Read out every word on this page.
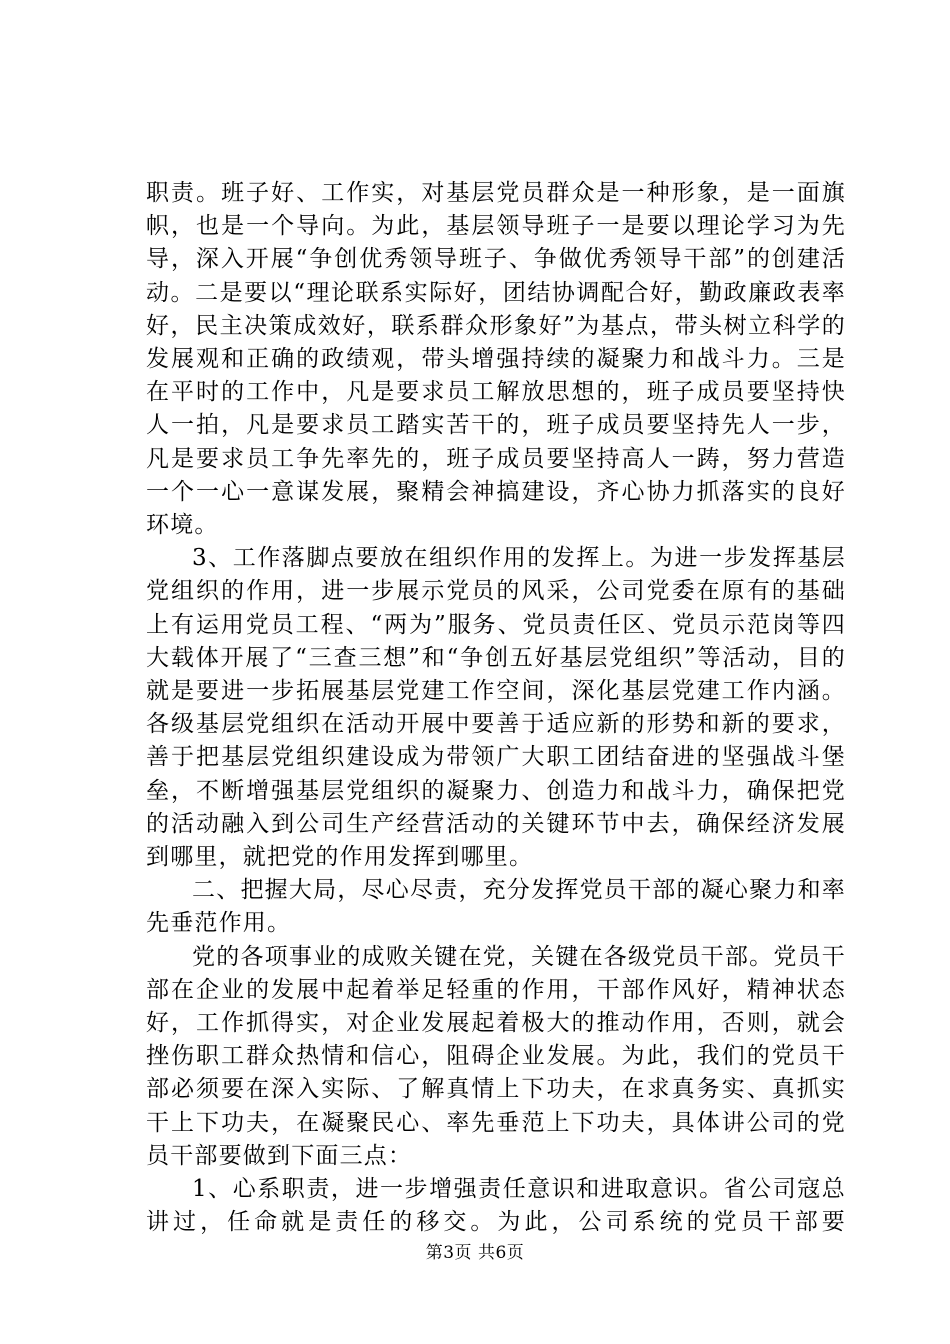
职责。班子好、工作实，对基层党员群众是一种形象，是一面旗帜，也是一个导向。为此，基层领导班子一是要以理论学习为先导，深入开展“争创优秀领导班子、争做优秀领导干部”的创建活动。二是要以“理论联系实际好，团结协调配合好，勤政廉政表率好，民主决策成效好，联系群众形象好”为基点，带头树立科学的发展观和正确的政绩观，带头增强持续的凝聚力和战斗力。三是在平时的工作中，凡是要求员工解放思想的，班子成员要坚持快人一拍，凡是要求员工踏实苦干的，班子成员要坚持先人一步，凡是要求员工争先率先的，班子成员要坚持高人一踌，努力营造一个一心一意谋发展，聚精会神搞建设，齐心协力抓落实的良好环境。

3、工作落脚点要放在组织作用的发挥上。为进一步发挥基层党组织的作用，进一步展示党员的风采，公司党委在原有的基础上有运用党员工程、“两为”服务、党员责任区、党员示范岗等四大载体开展了“三查三想”和“争创五好基层党组织”等活动，目的就是要进一步拓展基层党建工作空间，深化基层党建工作内涵。各级基层党组织在活动开展中要善于适应新的形势和新的要求，善于把基层党组织建设成为带领广大职工团结奋进的坚强战斗堡垒，不断增强基层党组织的凝聚力、创造力和战斗力，确保把党的活动融入到公司生产经营活动的关键环节中去，确保经济发展到哪里，就把党的作用发挥到哪里。

二、把握大局，尽心尽责，充分发挥党员干部的凝心聚力和率先垂范作用。

党的各项事业的成败关键在党，关键在各级党员干部。党员干部在企业的发展中起着举足轻重的作用，干部作风好，精神状态好，工作抓得实，对企业发展起着极大的推动作用，否则，就会挫伤职工群众热情和信心，阻碍企业发展。为此，我们的党员干部必须要在深入实际、了解真情上下功夫，在求真务实、真抓实干上下功夫，在凝聚民心、率先垂范上下功夫，具体讲公司的党员干部要做到下面三点：

1、心系职责，进一步增强责任意识和进取意识。省公司寇总讲过，任命就是责任的移交。为此，公司系统的党员干部要

第3页 共6页
